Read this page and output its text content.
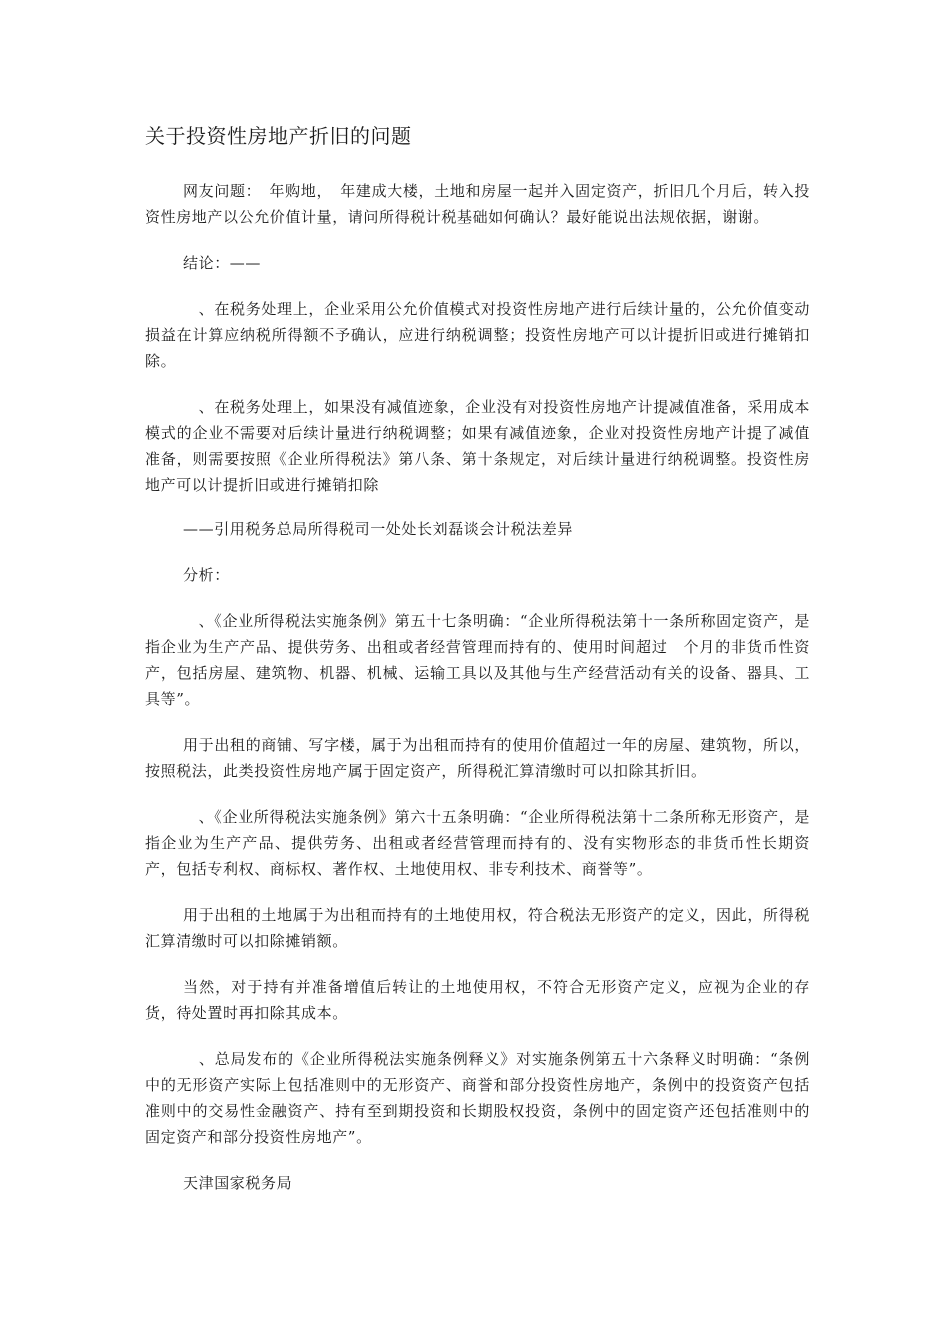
关于投资性房地产折旧的问题

网友问题：　年购地，　年建成大楼，土地和房屋一起并入固定资产，折旧几个月后，转入投资性房地产以公允价值计量，请问所得税计税基础如何确认？最好能说出法规依据，谢谢。

结论：——

　、在税务处理上，企业采用公允价值模式对投资性房地产进行后续计量的，公允价值变动损益在计算应纳税所得额不予确认，应进行纳税调整；投资性房地产可以计提折旧或进行摊销扣除。

　、在税务处理上，如果没有减值迹象，企业没有对投资性房地产计提减值准备，采用成本模式的企业不需要对后续计量进行纳税调整；如果有减值迹象，企业对投资性房地产计提了减值准备，则需要按照《企业所得税法》第八条、第十条规定，对后续计量进行纳税调整。投资性房地产可以计提折旧或进行摊销扣除

——引用税务总局所得税司一处处长刘磊谈会计税法差异

分析：

　、《企业所得税法实施条例》第五十七条明确：“企业所得税法第十一条所称固定资产，是指企业为生产产品、提供劳务、出租或者经营管理而持有的、使用时间超过　个月的非货币性资产，包括房屋、建筑物、机器、机械、运输工具以及其他与生产经营活动有关的设备、器具、工具等”。

用于出租的商铺、写字楼，属于为出租而持有的使用价值超过一年的房屋、建筑物，所以，按照税法，此类投资性房地产属于固定资产，所得税汇算清缴时可以扣除其折旧。

　、《企业所得税法实施条例》第六十五条明确：“企业所得税法第十二条所称无形资产，是指企业为生产产品、提供劳务、出租或者经营管理而持有的、没有实物形态的非货币性长期资产，包括专利权、商标权、著作权、土地使用权、非专利技术、商誉等”。

用于出租的土地属于为出租而持有的土地使用权，符合税法无形资产的定义，因此，所得税汇算清缴时可以扣除摊销额。

当然，对于持有并准备增值后转让的土地使用权，不符合无形资产定义，应视为企业的存货，待处置时再扣除其成本。

　、总局发布的《企业所得税法实施条例释义》对实施条例第五十六条释义时明确：“条例中的无形资产实际上包括准则中的无形资产、商誉和部分投资性房地产，条例中的投资资产包括准则中的交易性金融资产、持有至到期投资和长期股权投资，条例中的固定资产还包括准则中的固定资产和部分投资性房地产”。

天津国家税务局
